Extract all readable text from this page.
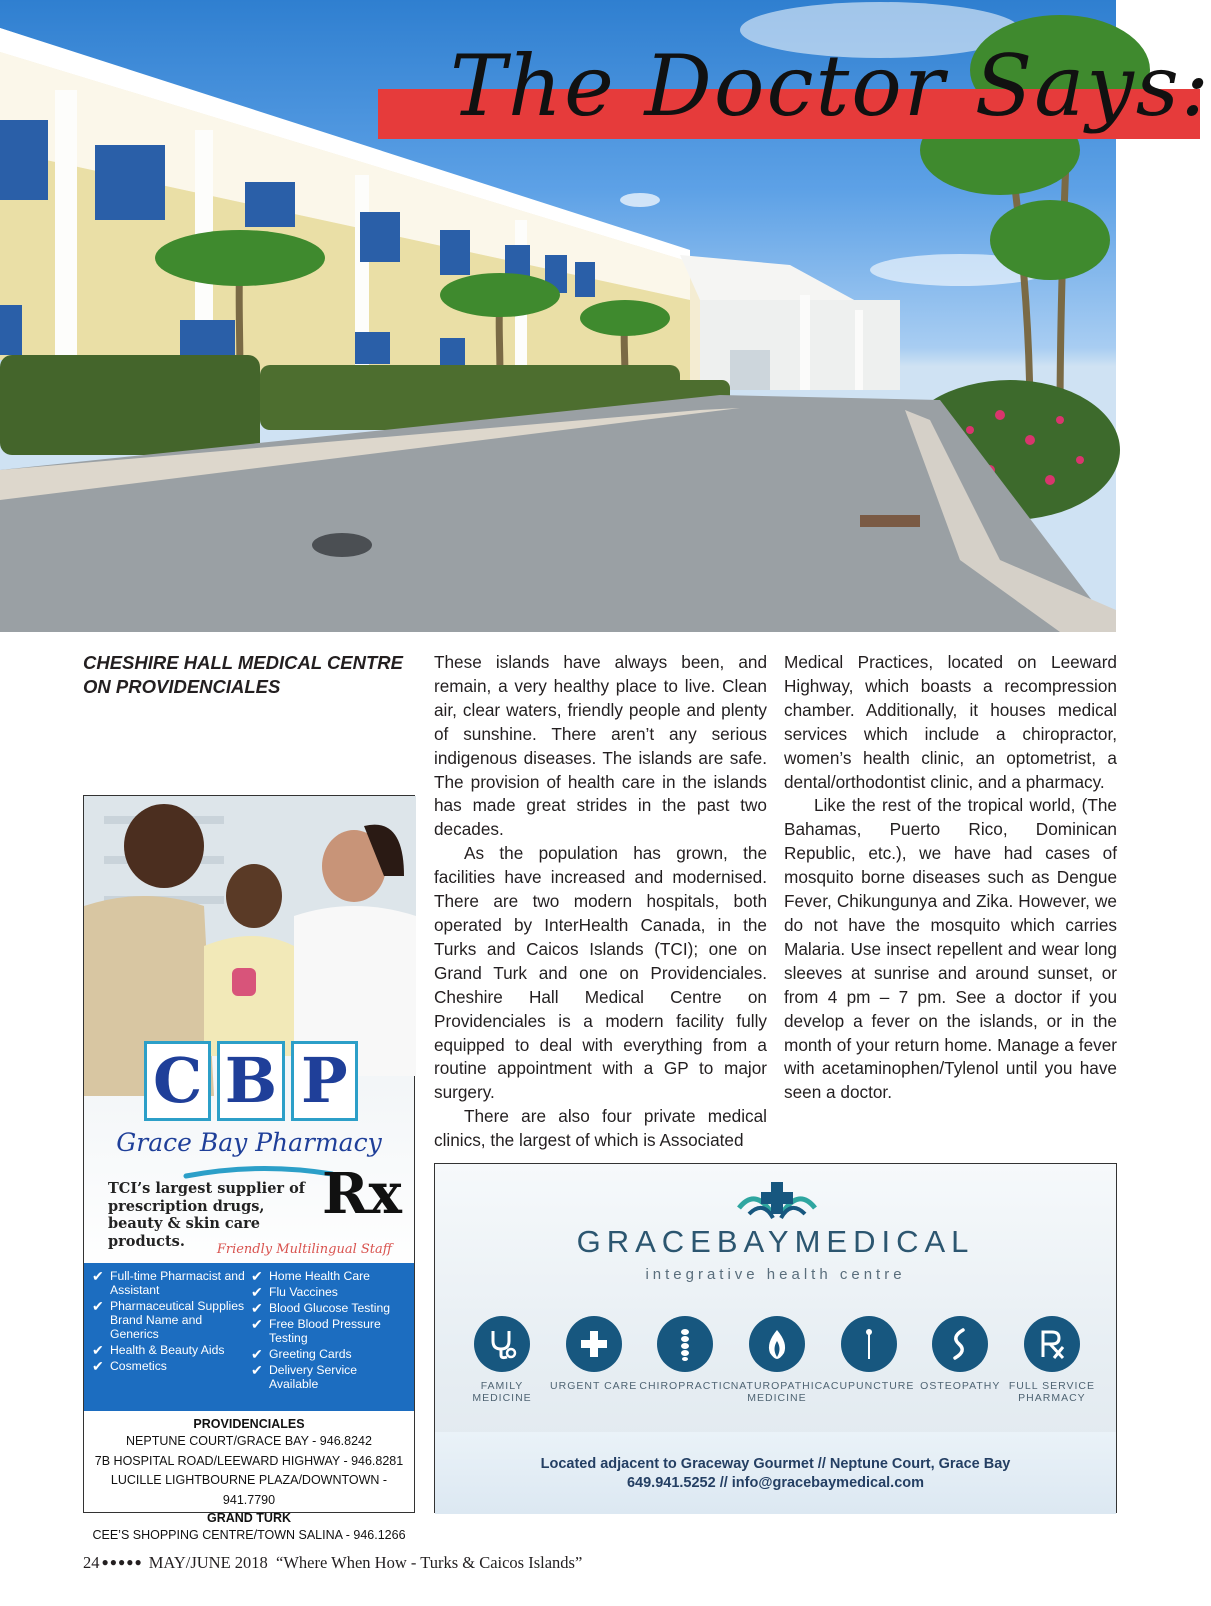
The Doctor Says:
CHESHIRE HALL MEDICAL CENTRE ON PROVIDENCIALES

These islands have always been, and remain, a very healthy place to live. Clean air, clear waters, friendly people and plenty of sunshine. There aren’t any serious indigenous diseases. The islands are safe. The provision of health care in the islands has made great strides in the past two decades.

As the population has grown, the facilities have increased and modernised. There are two modern hospitals, both operated by InterHealth Canada, in the Turks and Caicos Islands (TCI); one on Grand Turk and one on Providenciales. Cheshire Hall Medical Centre on Providenciales is a modern facility fully equipped to deal with everything from a routine appointment with a GP to major surgery.

There are also four private medical clinics, the largest of which is Associated

Medical Practices, located on Leeward Highway, which boasts a recompression chamber. Additionally, it houses medical services which include a chiropractor, women’s health clinic, an optometrist, a dental/orthodontist clinic, and a pharmacy.

Like the rest of the tropical world, (The Bahamas, Puerto Rico, Dominican Republic, etc.), we have had cases of mosquito borne diseases such as Dengue Fever, Chikungunya and Zika. However, we do not have the mosquito which carries Malaria. Use insect repellent and wear long sleeves at sunrise and around sunset, or from 4 pm – 7 pm. See a doctor if you develop a fever on the islands, or in the month of your return home. Manage a fever with acetaminophen/Tylenol until you have seen a doctor.

C B P
Grace Bay Pharmacy
TCI’s largest supplier of prescription drugs, beauty & skin care products.
Rx
Friendly Multilingual Staff
✔ Full-time Pharmacist and Assistant
✔ Pharmaceutical Supplies Brand Name and Generics
✔ Health & Beauty Aids
✔ Cosmetics
✔ Home Health Care
✔ Flu Vaccines
✔ Blood Glucose Testing
✔ Free Blood Pressure Testing
✔ Greeting Cards
✔ Delivery Service Available
PROVIDENCIALES
NEPTUNE COURT/GRACE BAY - 946.8242
7B HOSPITAL ROAD/LEEWARD HIGHWAY - 946.8281
LUCILLE LIGHTBOURNE PLAZA/DOWNTOWN - 941.7790
GRAND TURK
CEE’S SHOPPING CENTRE/TOWN SALINA - 946.1266
GRACEBAYMEDICAL
integrative health centre
FAMILY MEDICINE
URGENT CARE CHIROPRACTIC NATUROPATHIC MEDICINE
ACUPUNCTURE OSTEOPATHY FULL SERVICE PHARMACY
Located adjacent to Graceway Gourmet // Neptune Court, Grace Bay
649.941.5252 // info@gracebaymedical.com
24 ●●●●● MAY/JUNE 2018 “Where When How - Turks & Caicos Islands”
